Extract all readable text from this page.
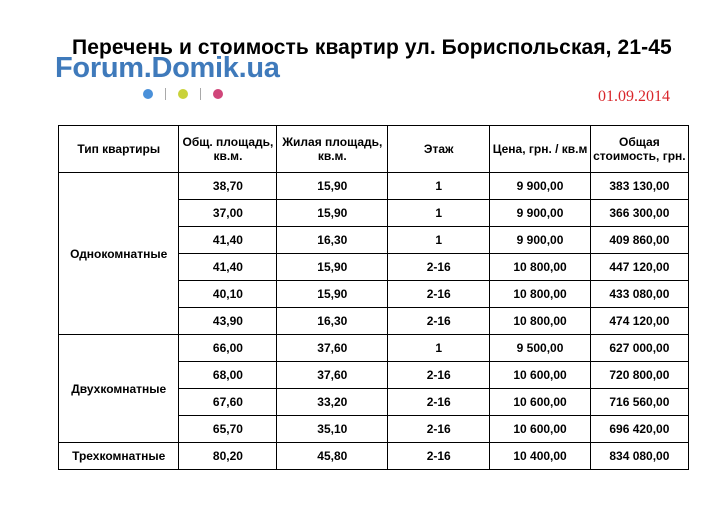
Перечень и стоимость квартир ул. Бориспольская, 21-45
Forum.Domik.ua
01.09.2014
Тип квартиры	Общ. площадь, кв.м.	Жилая площадь, кв.м.	Этаж	Цена, грн. / кв.м	Общая стоимость, грн.
Однокомнатные	38,70	15,90	1	9 900,00	383 130,00
	37,00	15,90	1	9 900,00	366 300,00
	41,40	16,30	1	9 900,00	409 860,00
	41,40	15,90	2-16	10 800,00	447 120,00
	40,10	15,90	2-16	10 800,00	433 080,00
	43,90	16,30	2-16	10 800,00	474 120,00
Двухкомнатные	66,00	37,60	1	9 500,00	627 000,00
	68,00	37,60	2-16	10 600,00	720 800,00
	67,60	33,20	2-16	10 600,00	716 560,00
	65,70	35,10	2-16	10 600,00	696 420,00
Трехкомнатные	80,20	45,80	2-16	10 400,00	834 080,00
